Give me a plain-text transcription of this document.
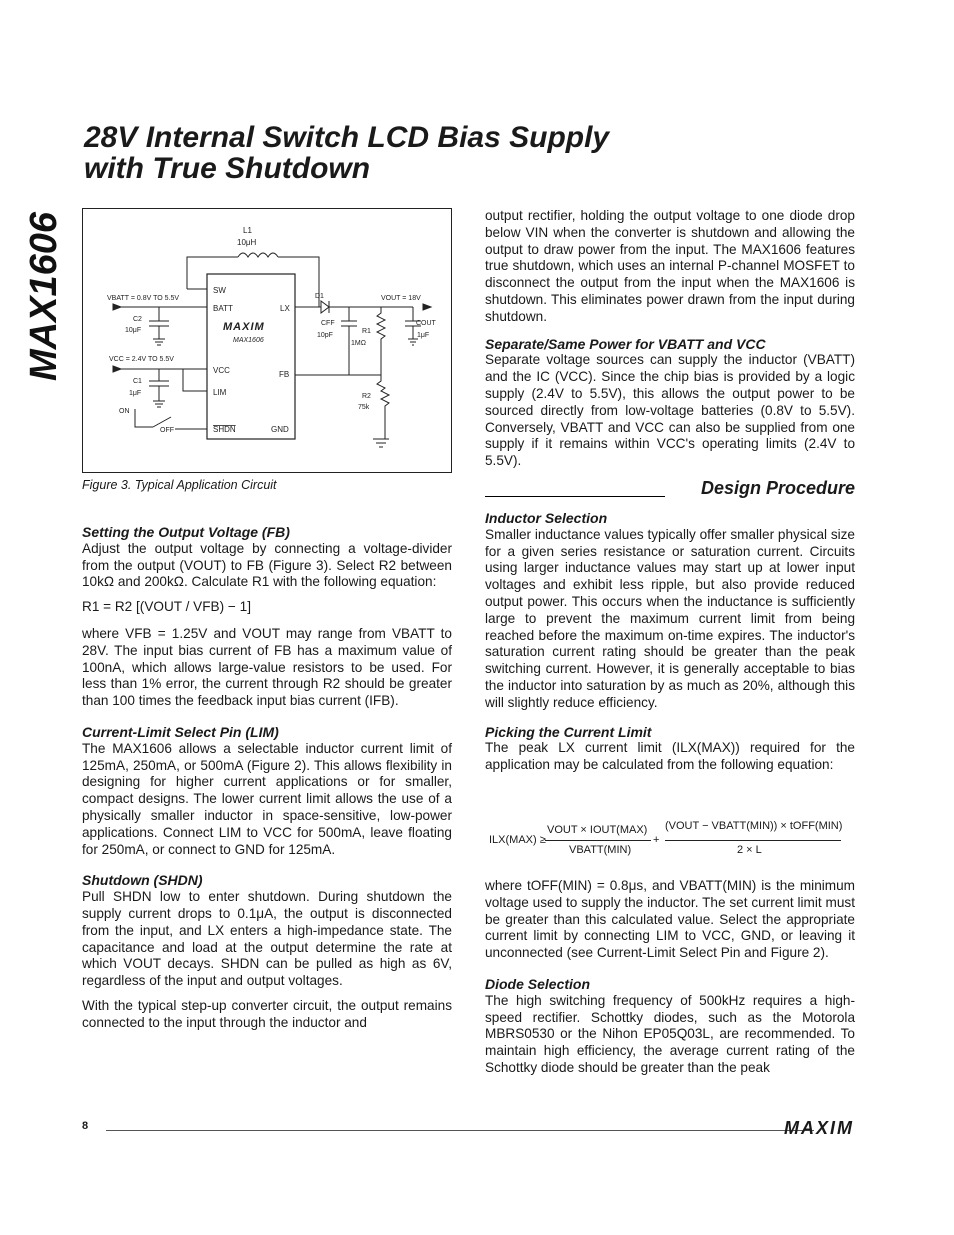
MAX1606
28V Internal Switch LCD Bias Supply
with True Shutdown
SW
BATT	LX
VCC	FB
LIM
SHDN	GND
MAXIM
MAX1606
L1
10μH
VBATT = 0.8V TO 5.5V
C2
10μF
VCC = 2.4V TO 5.5V
C1
1μF
ON
OFF
D1	VOUT = 18V
CFF
10pF
R1
1MΩ
COUT
1μF
R2
75k
Figure 3. Typical Application Circuit

Setting the Output Voltage (FB)

Adjust the output voltage by connecting a voltage-divider from the output (VOUT) to FB (Figure 3). Select R2 between 10kΩ and 200kΩ. Calculate R1 with the following equation:

R1 = R2 [(VOUT / VFB) − 1]

where VFB = 1.25V and VOUT may range from VBATT to 28V. The input bias current of FB has a maximum value of 100nA, which allows large-value resistors to be used. For less than 1% error, the current through R2 should be greater than 100 times the feedback input bias current (IFB).

Current-Limit Select Pin (LIM)

The MAX1606 allows a selectable inductor current limit of 125mA, 250mA, or 500mA (Figure 2). This allows flexibility in designing for higher current applications or for smaller, compact designs. The lower current limit allows the use of a physically smaller inductor in space-sensitive, low-power applications. Connect LIM to VCC for 500mA, leave floating for 250mA, or connect to GND for 125mA.

Shutdown (SHDN)

Pull SHDN low to enter shutdown. During shutdown the supply current drops to 0.1μA, the output is disconnected from the input, and LX enters a high-impedance state. The capacitance and load at the output determine the rate at which VOUT decays. SHDN can be pulled as high as 6V, regardless of the input and output voltages.

With the typical step-up converter circuit, the output remains connected to the input through the inductor and

output rectifier, holding the output voltage to one diode drop below VIN when the converter is shutdown and allowing the output to draw power from the input. The MAX1606 features true shutdown, which uses an internal P-channel MOSFET to disconnect the output from the input when the MAX1606 is shutdown. This eliminates power drawn from the input during shutdown.

Separate/Same Power for VBATT and VCC

Separate voltage sources can supply the inductor (VBATT) and the IC (VCC). Since the chip bias is provided by a logic supply (2.4V to 5.5V), this allows the output power to be sourced directly from low-voltage batteries (0.8V to 5.5V). Conversely, VBATT and VCC can also be supplied from one supply if it remains within VCC's operating limits (2.4V to 5.5V).

Design Procedure

Inductor Selection

Smaller inductance values typically offer smaller physical size for a given series resistance or saturation current. Circuits using larger inductance values may start up at lower input voltages and exhibit less ripple, but also provide reduced output power. This occurs when the inductance is sufficiently large to prevent the maximum current limit from being reached before the maximum on-time expires. The inductor's saturation current rating should be greater than the peak switching current. However, it is generally acceptable to bias the inductor into saturation by as much as 20%, although this will slightly reduce efficiency.

Picking the Current Limit

The peak LX current limit (ILX(MAX)) required for the application may be calculated from the following equation:

ILX(MAX) ≥
VOUT × IOUT(MAX)
VBATT(MIN)
+
(VOUT − VBATT(MIN)) × tOFF(MIN)
2 × L

where tOFF(MIN) = 0.8μs, and VBATT(MIN) is the minimum voltage used to supply the inductor. The set current limit must be greater than this calculated value. Select the appropriate current limit by connecting LIM to VCC, GND, or leaving it unconnected (see Current-Limit Select Pin and Figure 2).

Diode Selection

The high switching frequency of 500kHz requires a high-speed rectifier. Schottky diodes, such as the Motorola MBRS0530 or the Nihon EP05Q03L, are recommended. To maintain high efficiency, the average current rating of the Schottky diode should be greater than the peak

8	MAXIM
